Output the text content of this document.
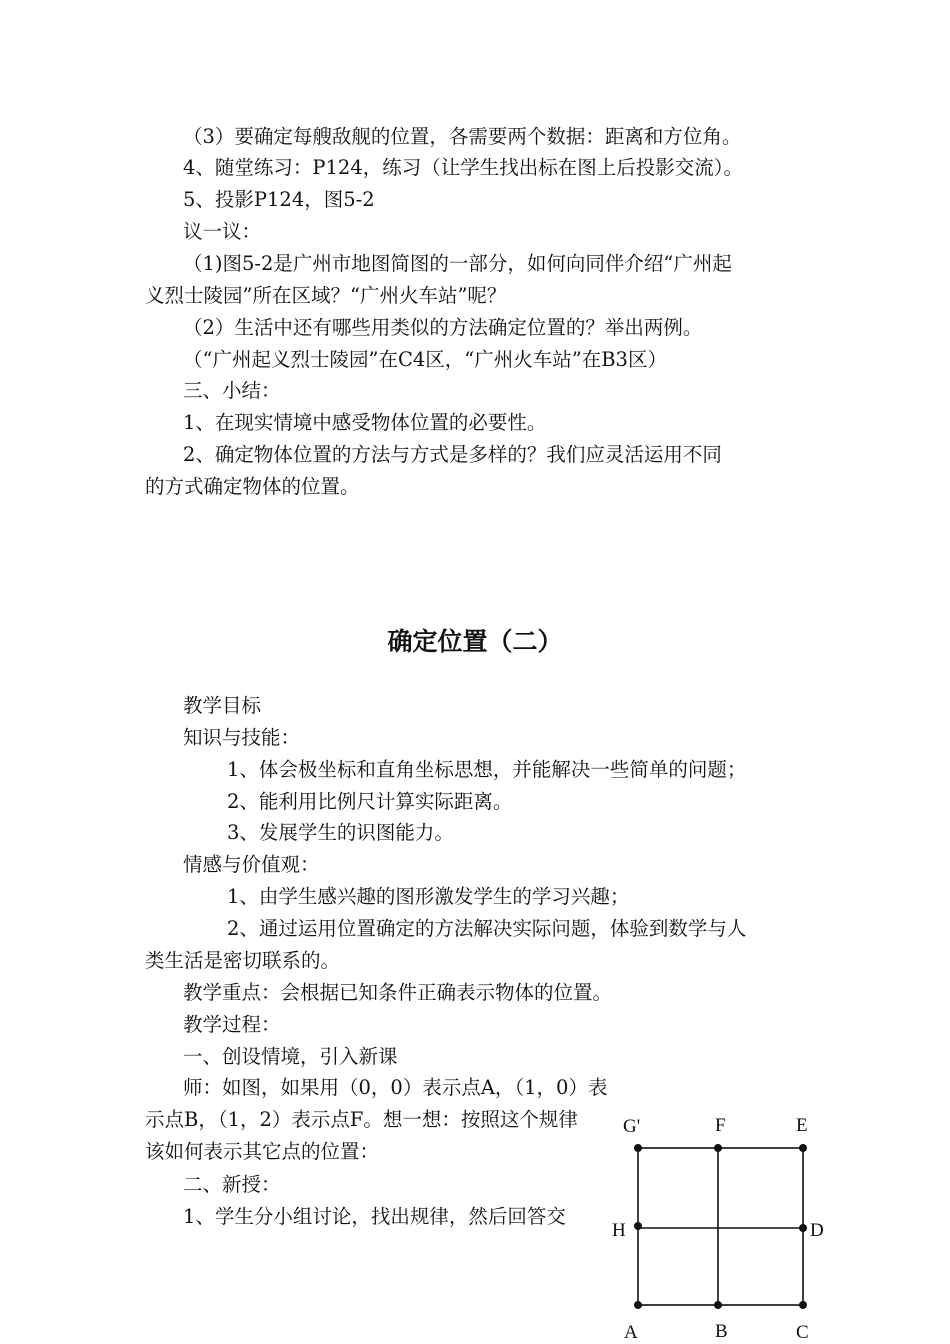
（3）要确定每艘敌舰的位置，各需要两个数据：距离和方位角。
4、随堂练习：P124，练习（让学生找出标在图上后投影交流）。
5、投影P124，图5-2
议一议：
（1)图5-2是广州市地图简图的一部分，如何向同伴介绍“广州起
义烈士陵园”所在区域？“广州火车站”呢？
（2）生活中还有哪些用类似的方法确定位置的？举出两例。
（“广州起义烈士陵园”在C4区，“广州火车站”在B3区）
三、小结：
1、在现实情境中感受物体位置的必要性。
2、确定物体位置的方法与方式是多样的？我们应灵活运用不同
的方式确定物体的位置。
确定位置（二）
教学目标
知识与技能：
1、体会极坐标和直角坐标思想，并能解决一些简单的问题；
2、能利用比例尺计算实际距离。
3、发展学生的识图能力。
情感与价值观：
1、由学生感兴趣的图形激发学生的学习兴趣；
2、通过运用位置确定的方法解决实际问题，体验到数学与人
类生活是密切联系的。
教学重点：会根据已知条件正确表示物体的位置。
教学过程：
一、创设情境，引入新课
师：如图，如果用（0，0）表示点A，（1，0）表
示点B，（1，2）表示点F。想一想：按照这个规律
该如何表示其它点的位置：
二、新授：
1、学生分小组讨论，找出规律，然后回答交
G'	F	E
H	D
A	B	C
